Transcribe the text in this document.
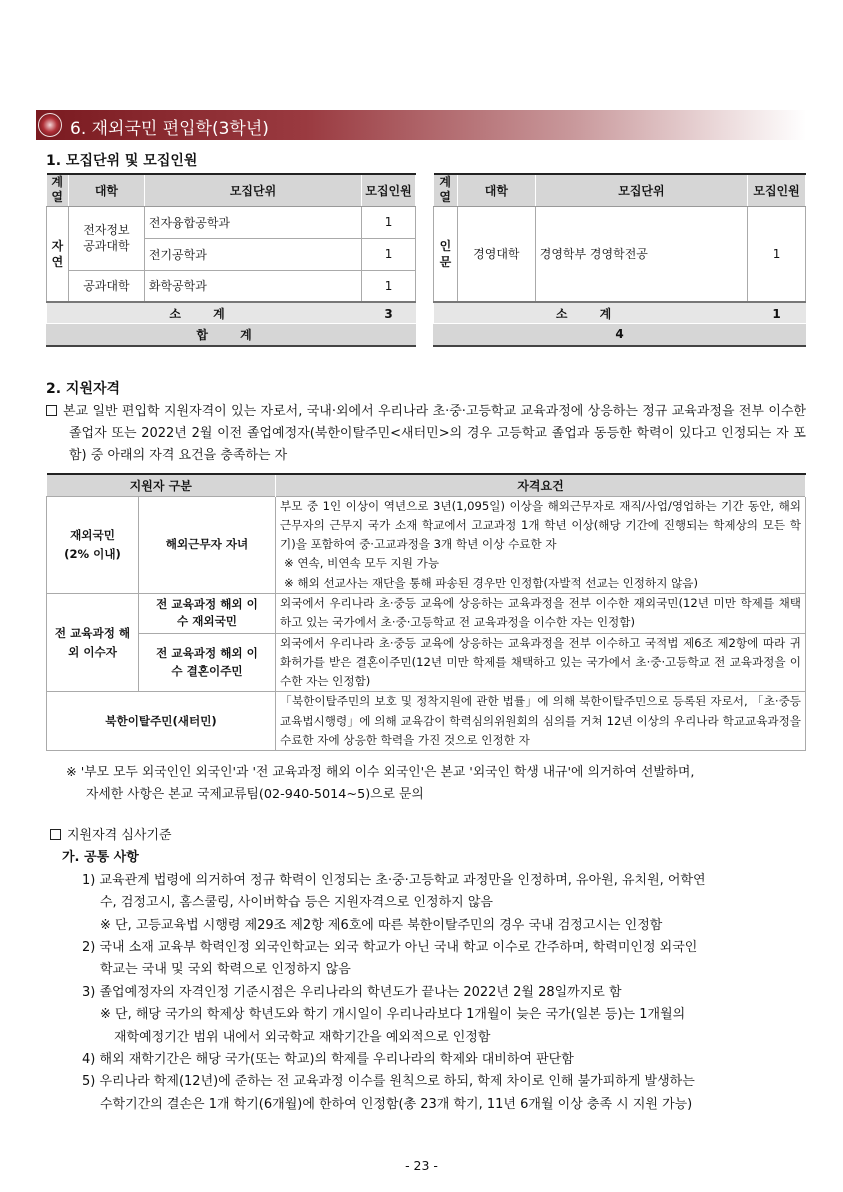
6. 재외국민 편입학(3학년)
1. 모집단위 및 모집인원
계열	대학	모집단위	모집인원
자연	전자정보공과대학	전자융합공학과	1
		전기공학과	1
	공과대학	화학공학과	1
소 계			3
계열	대학	모집단위	모집인원
인문	경영대학	경영학부 경영학전공	1
소 계			1
합 계	4
2. 지원자격
본교 일반 편입학 지원자격이 있는 자로서, 국내·외에서 우리나라 초·중·고등학교 교육과정에 상응하는 정규 교육과정을 전부 이수한 졸업자 또는 2022년 2월 이전 졸업예정자(북한이탈주민<새터민>의 경우 고등학교 졸업과 동등한 학력이 있다고 인정되는 자 포함) 중 아래의 자격 요건을 충족하는 자
지원자 구분		자격요건
재외국민
(2% 이내)	해외근무자 자녀	부모 중 1인 이상이 역년으로 3년(1,095일) 이상을 해외근무자로 재직/사업/영업하는 기간 동안, 해외근무자의 근무지 국가 소재 학교에서 고교과정 1개 학년 이상(해당 기간에 진행되는 학제상의 모든 학기)을 포함하여 중·고교과정을 3개 학년 이상 수료한 자
※ 연속, 비연속 모두 지원 가능
※ 해외 선교사는 재단을 통해 파송된 경우만 인정함(자발적 선교는 인정하지 않음)
전 교육과정 해외 이수자	전 교육과정 해외 이수 재외국민	외국에서 우리나라 초·중등 교육에 상응하는 교육과정을 전부 이수한 재외국민(12년 미만 학제를 채택하고 있는 국가에서 초·중·고등학교 전 교육과정을 이수한 자는 인정함)
	전 교육과정 해외 이수 결혼이주민	외국에서 우리나라 초·중등 교육에 상응하는 교육과정을 전부 이수하고 국적법 제6조 제2항에 따라 귀화허가를 받은 결혼이주민(12년 미만 학제를 채택하고 있는 국가에서 초·중·고등학교 전 교육과정을 이수한 자는 인정함)
북한이탈주민(새터민)		「북한이탈주민의 보호 및 정착지원에 관한 법률」에 의해 북한이탈주민으로 등록된 자로서, 「초·중등교육법시행령」에 의해 교육감이 학력심의위원회의 심의를 거쳐 12년 이상의 우리나라 학교교육과정을 수료한 자에 상응한 학력을 가진 것으로 인정한 자
※ '부모 모두 외국인인 외국인'과 '전 교육과정 해외 이수 외국인'은 본교 '외국인 학생 내규'에 의거하여 선발하며,
자세한 사항은 본교 국제교류팀(02-940-5014~5)으로 문의
지원자격 심사기준
가. 공통 사항
1) 교육관계 법령에 의거하여 정규 학력이 인정되는 초·중·고등학교 과정만을 인정하며, 유아원, 유치원, 어학연
수, 검정고시, 홈스쿨링, 사이버학습 등은 지원자격으로 인정하지 않음
※ 단, 고등교육법 시행령 제29조 제2항 제6호에 따른 북한이탈주민의 경우 국내 검정고시는 인정함
2) 국내 소재 교육부 학력인정 외국인학교는 외국 학교가 아닌 국내 학교 이수로 간주하며, 학력미인정 외국인
학교는 국내 및 국외 학력으로 인정하지 않음
3) 졸업예정자의 자격인정 기준시점은 우리나라의 학년도가 끝나는 2022년 2월 28일까지로 함
※ 단, 해당 국가의 학제상 학년도와 학기 개시일이 우리나라보다 1개월이 늦은 국가(일본 등)는 1개월의
재학예정기간 범위 내에서 외국학교 재학기간을 예외적으로 인정함
4) 해외 재학기간은 해당 국가(또는 학교)의 학제를 우리나라의 학제와 대비하여 판단함
5) 우리나라 학제(12년)에 준하는 전 교육과정 이수를 원칙으로 하되, 학제 차이로 인해 불가피하게 발생하는
수학기간의 결손은 1개 학기(6개월)에 한하여 인정함(총 23개 학기, 11년 6개월 이상 충족 시 지원 가능)
- 23 -
